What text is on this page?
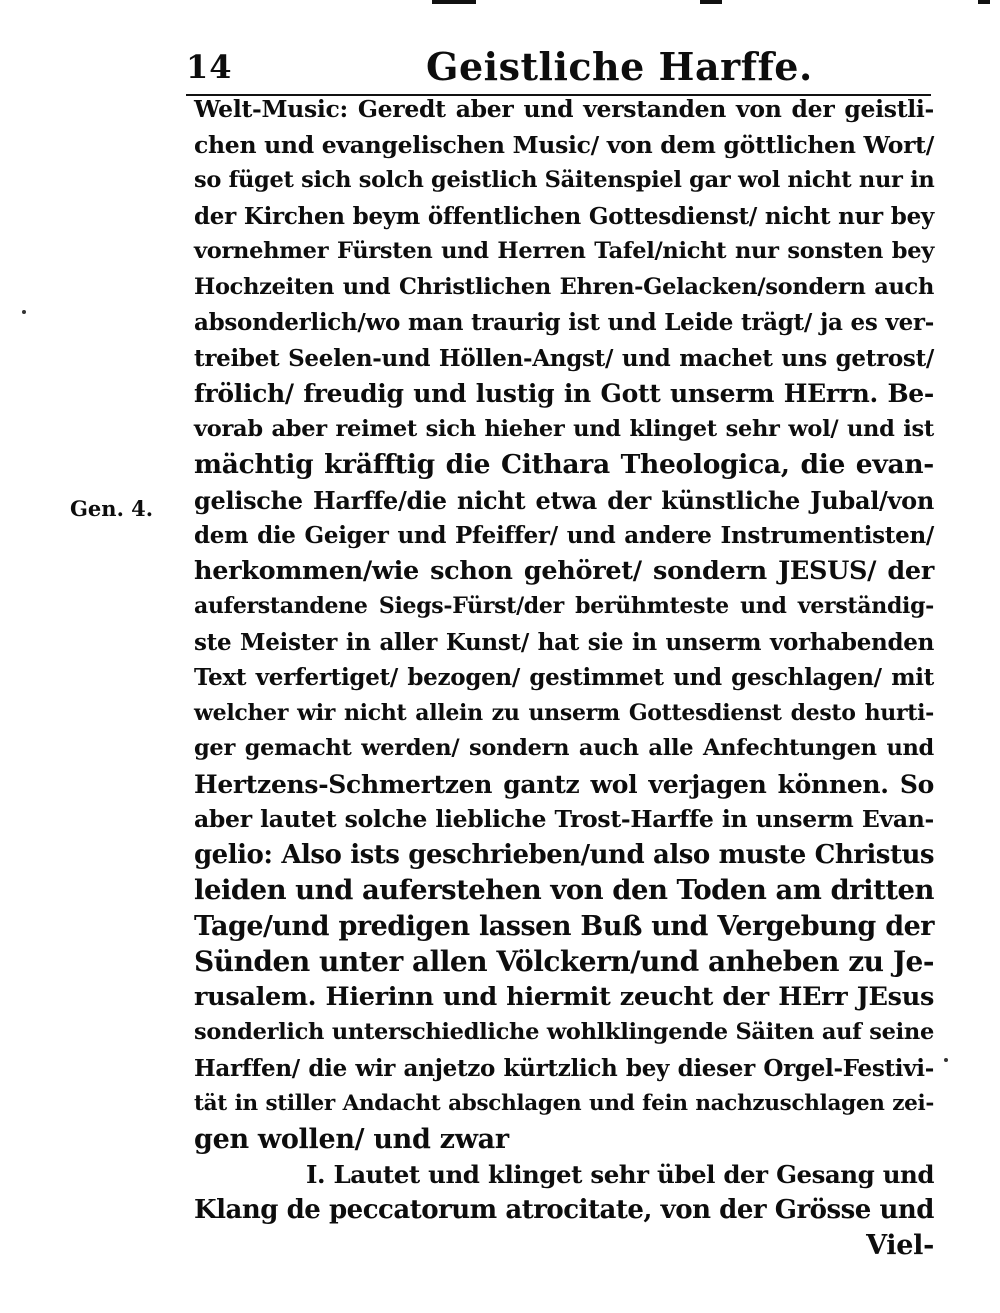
14	Geistliche Harffe.
Gen. 4.
Welt-Music: Geredt aber und verstanden von der geistli-
chen und evangelischen Music/ von dem göttlichen Wort/
so füget sich solch geistlich Säitenspiel gar wol nicht nur in
der Kirchen beym öffentlichen Gottesdienst/ nicht nur bey
vornehmer Fürsten und Herren Tafel/nicht nur sonsten bey
Hochzeiten und Christlichen Ehren-Gelacken/sondern auch
absonderlich/wo man traurig ist und Leide trägt/ ja es ver-
treibet Seelen-und Höllen-Angst/ und machet uns getrost/
frölich/ freudig und lustig in Gott unserm HErrn. Be-
vorab aber reimet sich hieher und klinget sehr wol/ und ist
mächtig kräfftig die Cithara Theologica, die evan-
gelische Harffe/die nicht etwa der künstliche Jubal/von
dem die Geiger und Pfeiffer/ und andere Instrumentisten/
herkommen/wie schon gehöret/ sondern JESUS/ der
auferstandene Siegs-Fürst/der berühmteste und verständig-
ste Meister in aller Kunst/ hat sie in unserm vorhabenden
Text verfertiget/ bezogen/ gestimmet und geschlagen/ mit
welcher wir nicht allein zu unserm Gottesdienst desto hurti-
ger gemacht werden/ sondern auch alle Anfechtungen und
Hertzens-Schmertzen gantz wol verjagen können. So
aber lautet solche liebliche Trost-Harffe in unserm Evan-
gelio: Also ists geschrieben/und also muste Christus
leiden und auferstehen von den Toden am dritten
Tage/und predigen lassen Buß und Vergebung der
Sünden unter allen Völckern/und anheben zu Je-
rusalem. Hierinn und hiermit zeucht der HErr JEsus
sonderlich unterschiedliche wohlklingende Säiten auf seine
Harffen/ die wir anjetzo kürtzlich bey dieser Orgel-Festivi-
tät in stiller Andacht abschlagen und fein nachzuschlagen zei-
gen wollen/ und zwar
I. Lautet und klinget sehr übel der Gesang und
Klang de peccatorum atrocitate, von der Grösse und
Viel-
